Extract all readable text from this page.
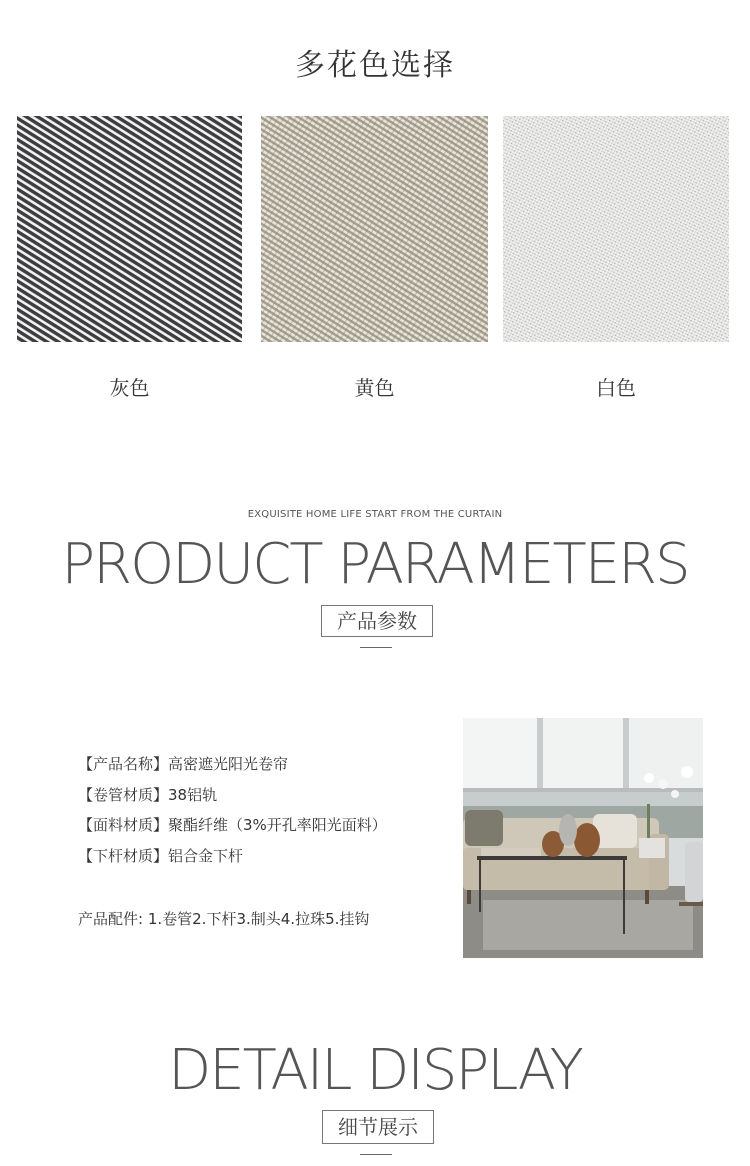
多花色选择
灰色	黄色	白色
EXQUISITE HOME LIFE START FROM THE CURTAIN
PRODUCT PARAMETERS
产品参数
【产品名称】高密遮光阳光卷帘
【卷管材质】38铝轨
【面料材质】聚酯纤维（3%开孔率阳光面料）
【下杆材质】铝合金下杆
产品配件: 1.卷管2.下杆3.制头4.拉珠5.挂钩
DETAIL DISPLAY
细节展示
